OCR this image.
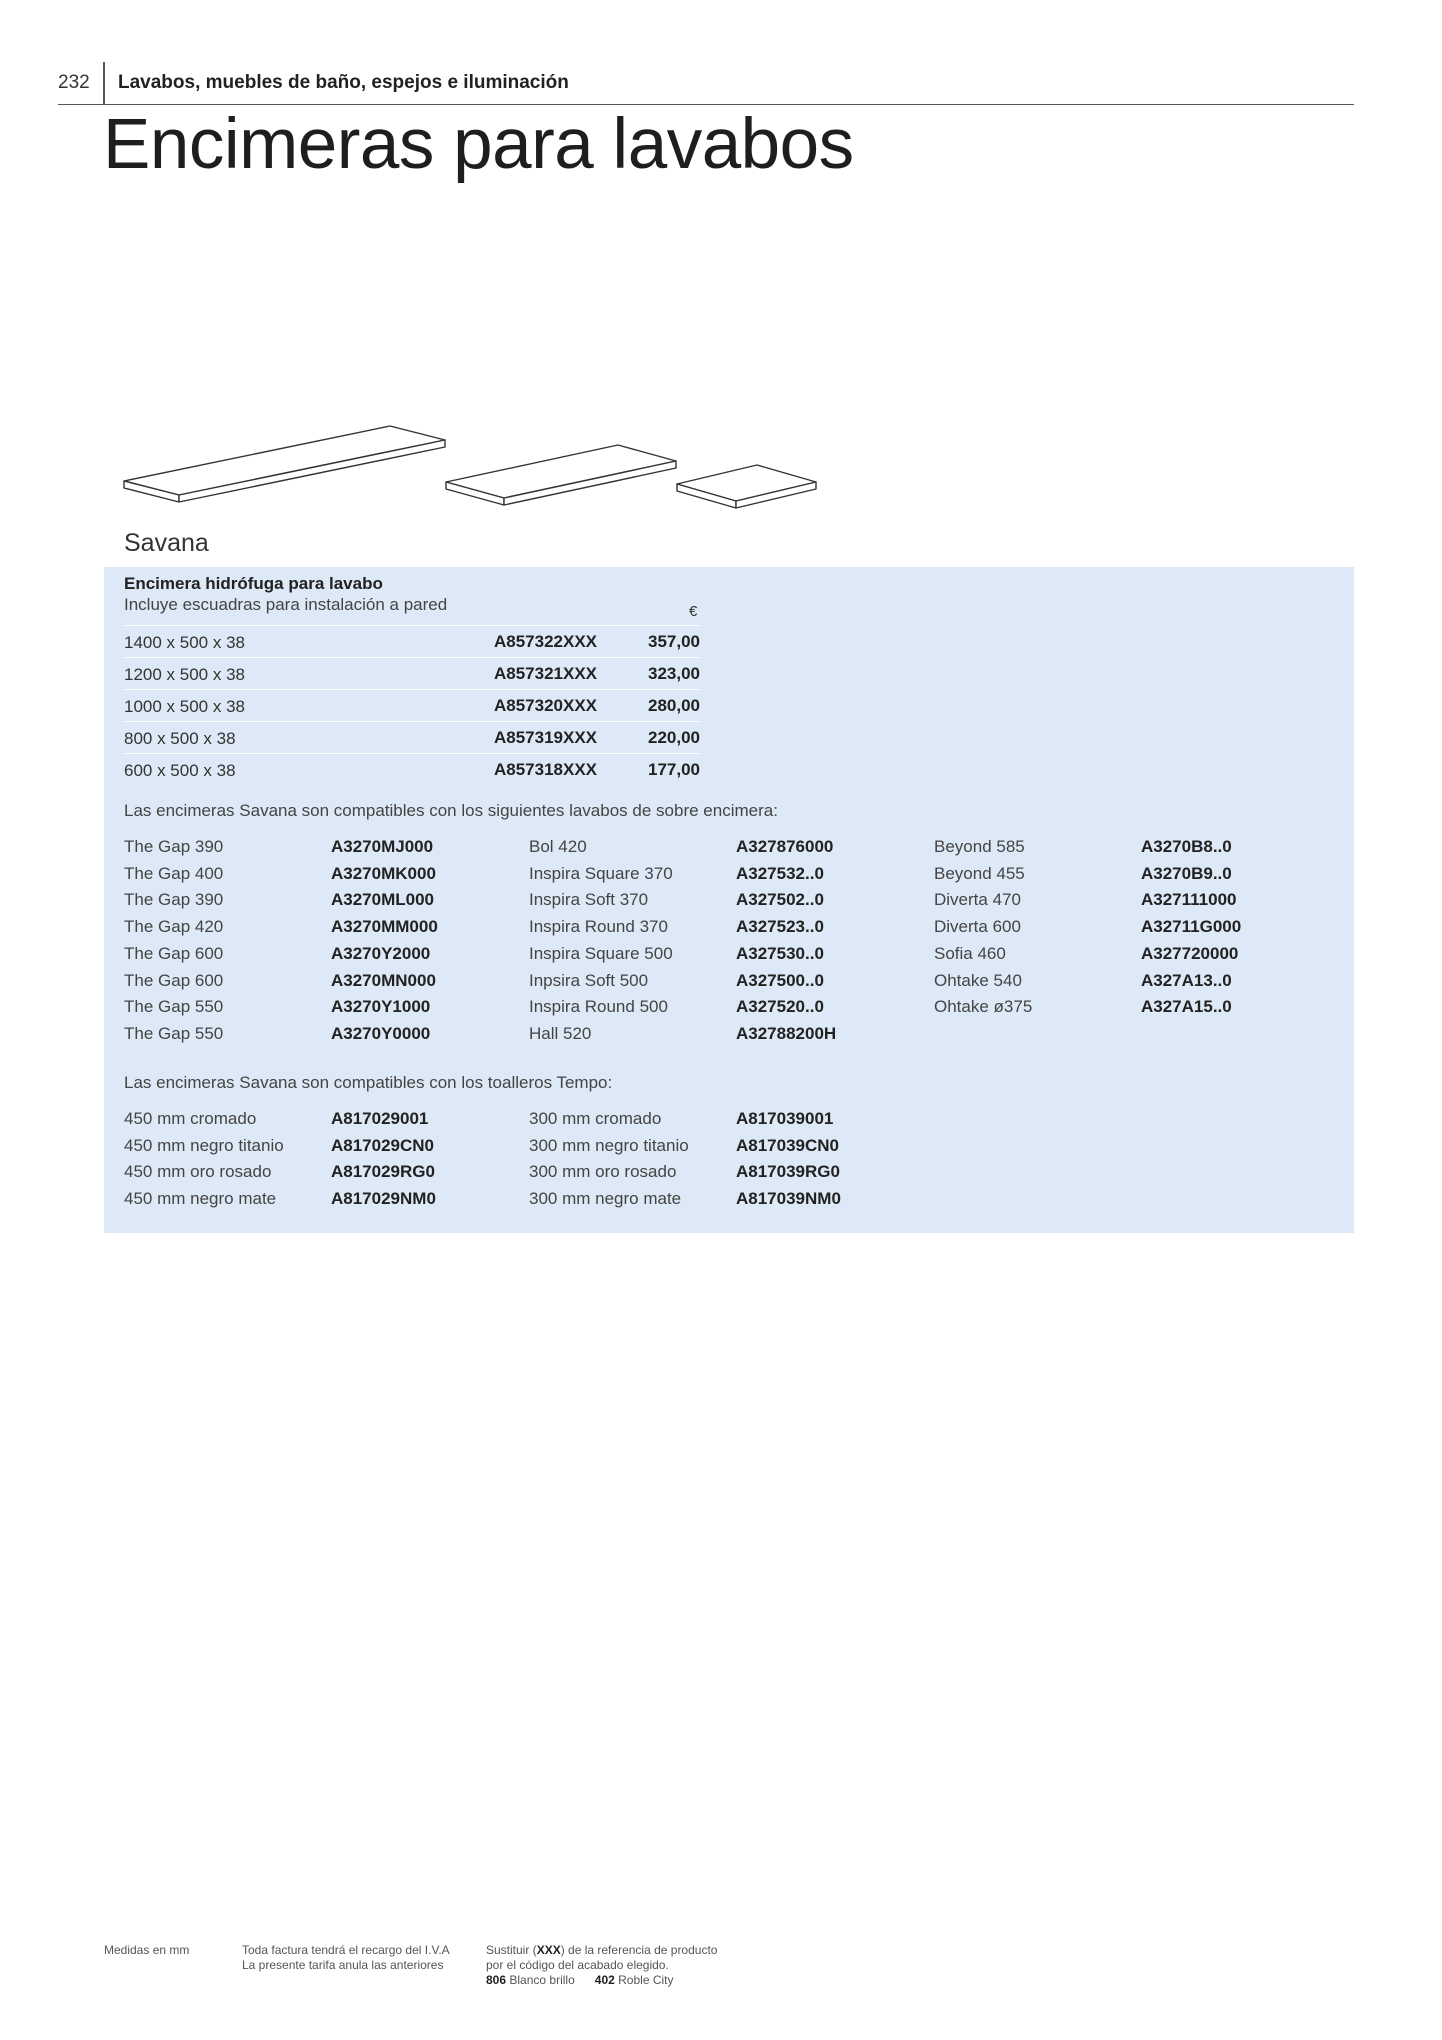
232 Lavabos, muebles de baño, espejos e iluminación
Encimeras para lavabos
Savana
Encimera hidrófuga para lavabo
Incluye escuadras para instalación a pared	€
1400 x 500 x 38	A857322XXX	357,00
1200 x 500 x 38	A857321XXX	323,00
1000 x 500 x 38	A857320XXX	280,00
800 x 500 x 38	A857319XXX	220,00
600 x 500 x 38	A857318XXX	177,00
Las encimeras Savana son compatibles con los siguientes lavabos de sobre encimera:
The Gap 390	A3270MJ000
The Gap 400	A3270MK000
The Gap 390	A3270ML000
The Gap 420	A3270MM000
The Gap 600	A3270Y2000
The Gap 600	A3270MN000
The Gap 550	A3270Y1000
The Gap 550	A3270Y0000
Bol 420	A327876000
Inspira Square 370	A327532..0
Inspira Soft 370	A327502..0
Inspira Round 370	A327523..0
Inspira Square 500	A327530..0
Inpsira Soft 500	A327500..0
Inspira Round 500	A327520..0
Hall 520	A32788200H
Beyond 585	A3270B8..0
Beyond 455	A3270B9..0
Diverta 470	A327111000
Diverta 600	A32711G000
Sofia 460	A327720000
Ohtake 540	A327A13..0
Ohtake ø375	A327A15..0
Las encimeras Savana son compatibles con los toalleros Tempo:
450 mm cromado	A817029001
450 mm negro titanio	A817029CN0
450 mm oro rosado	A817029RG0
450 mm negro mate	A817029NM0
300 mm cromado	A817039001
300 mm negro titanio	A817039CN0
300 mm oro rosado	A817039RG0
300 mm negro mate	A817039NM0
Medidas en mm	Toda factura tendrá el recargo del I.V.A
La presente tarifa anula las anteriores
Sustituir (XXX) de la referencia de producto
por el código del acabado elegido.
806 Blanco brillo 402 Roble City
